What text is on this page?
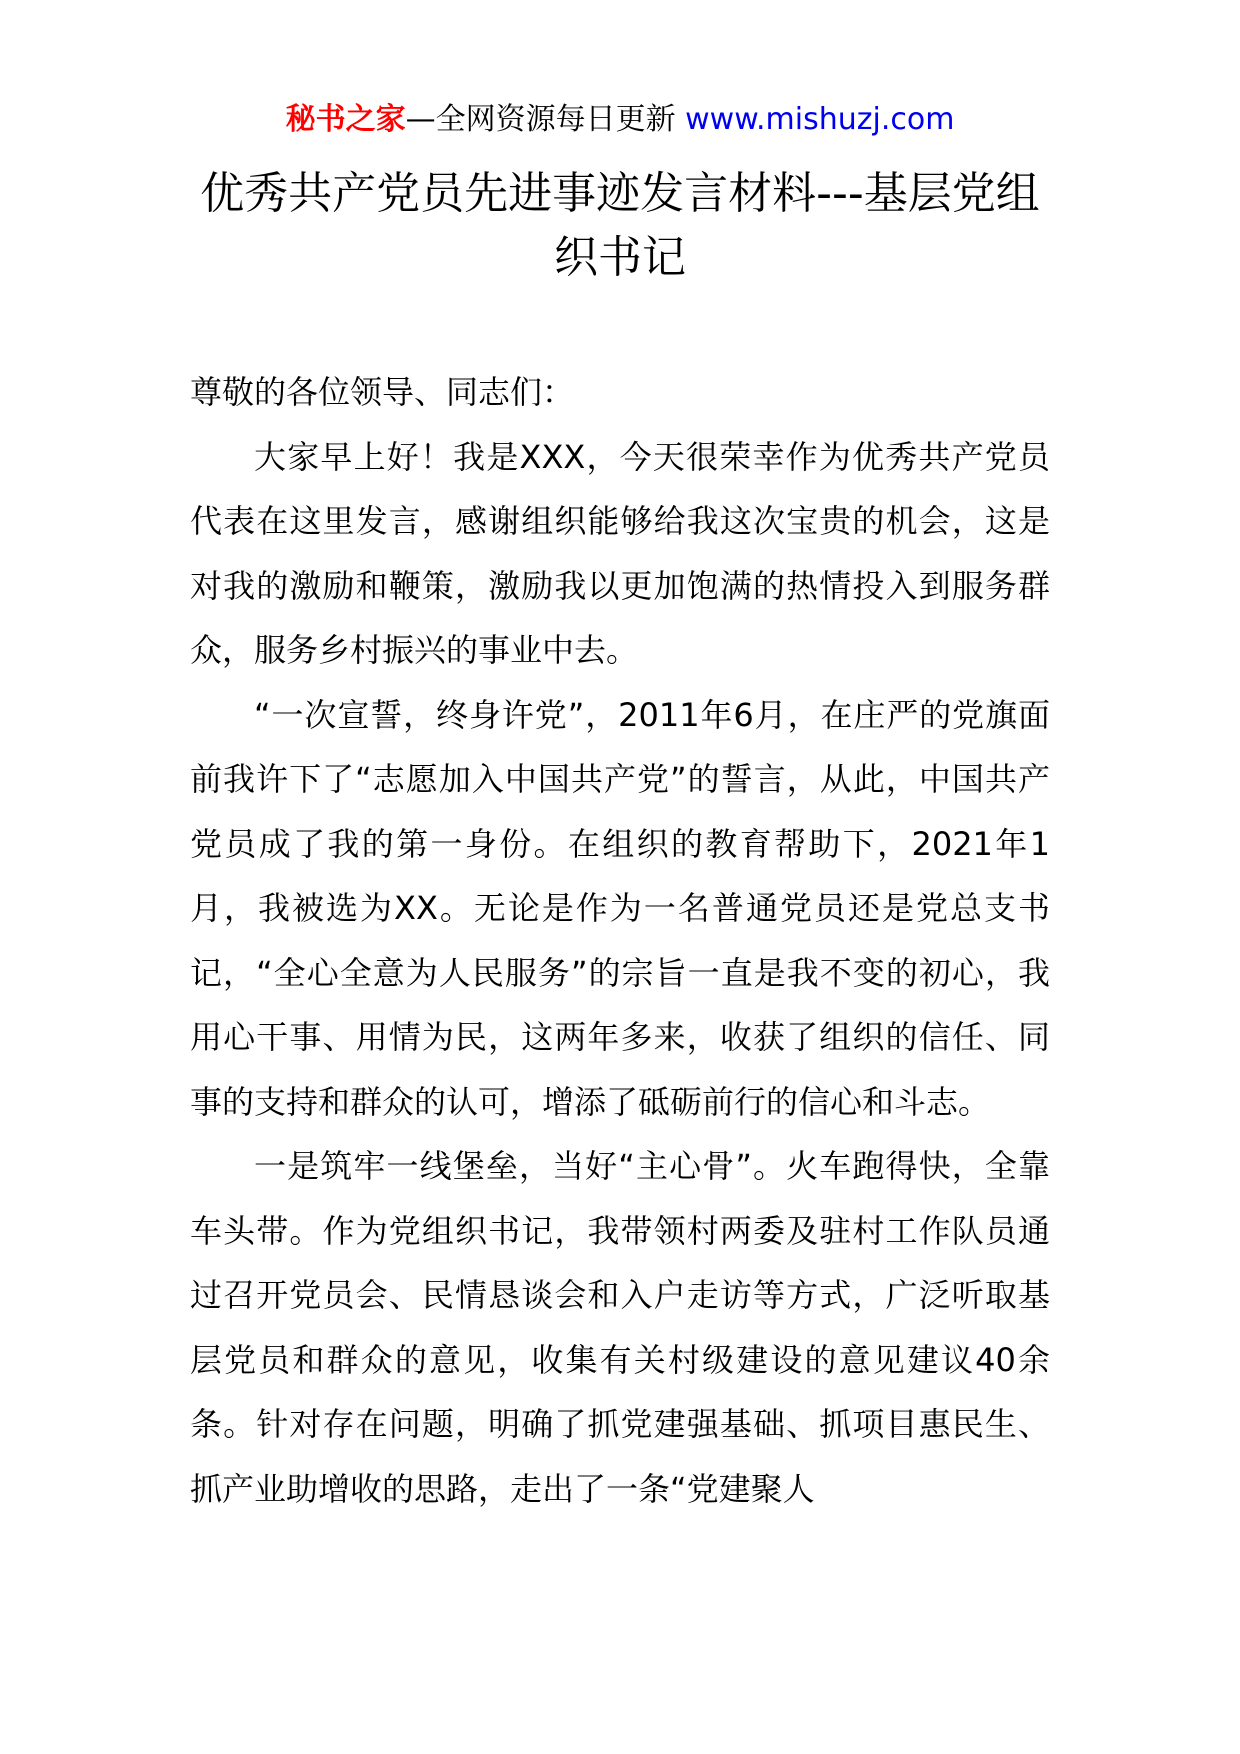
秘书之家—全网资源每日更新 www.mishuzj.com
优秀共产党员先进事迹发言材料---基层党组织书记

尊敬的各位领导、同志们：

大家早上好！我是XXX，今天很荣幸作为优秀共产党员代表在这里发言，感谢组织能够给我这次宝贵的机会，这是对我的激励和鞭策，激励我以更加饱满的热情投入到服务群众，服务乡村振兴的事业中去。

“一次宣誓，终身许党”，2011年6月，在庄严的党旗面前我许下了“志愿加入中国共产党”的誓言，从此，中国共产党员成了我的第一身份。在组织的教育帮助下，2021年1月，我被选为XX。无论是作为一名普通党员还是党总支书记，“全心全意为人民服务”的宗旨一直是我不变的初心，我用心干事、用情为民，这两年多来，收获了组织的信任、同事的支持和群众的认可，增添了砥砺前行的信心和斗志。

一是筑牢一线堡垒，当好“主心骨”。火车跑得快，全靠车头带。作为党组织书记，我带领村两委及驻村工作队员通过召开党员会、民情恳谈会和入户走访等方式，广泛听取基层党员和群众的意见，收集有关村级建设的意见建议40余条。针对存在问题，明确了抓党建强基础、抓项目惠民生、抓产业助增收的思路，走出了一条“党建聚人
